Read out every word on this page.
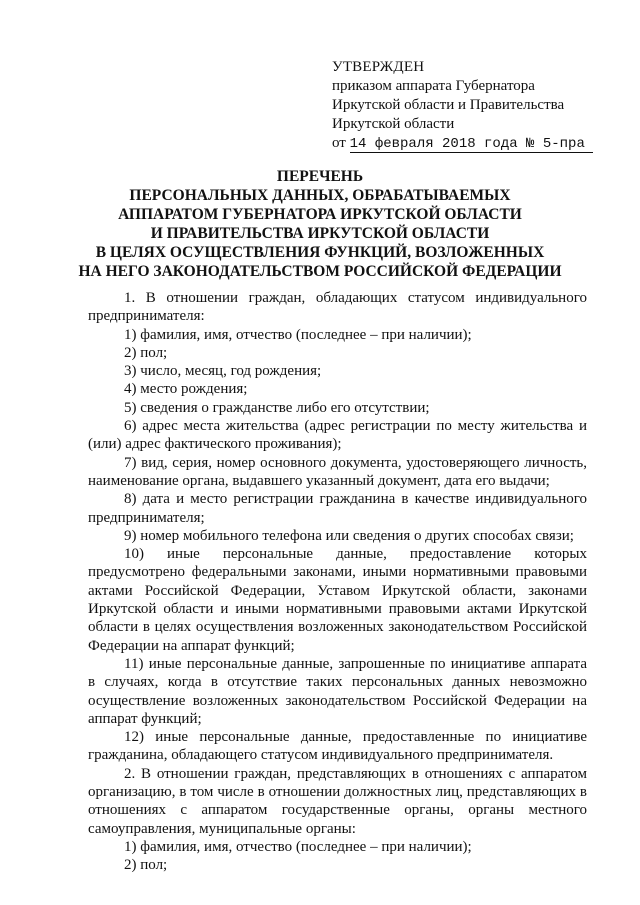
УТВЕРЖДЕН
приказом аппарата Губернатора
Иркутской области и Правительства
Иркутской области
от 14 февраля 2018 года № 5-пра
ПЕРЕЧЕНЬ
ПЕРСОНАЛЬНЫХ ДАННЫХ, ОБРАБАТЫВАЕМЫХ
АППАРАТОМ ГУБЕРНАТОРА ИРКУТСКОЙ ОБЛАСТИ
И ПРАВИТЕЛЬСТВА ИРКУТСКОЙ ОБЛАСТИ
В ЦЕЛЯХ ОСУЩЕСТВЛЕНИЯ ФУНКЦИЙ, ВОЗЛОЖЕННЫХ
НА НЕГО ЗАКОНОДАТЕЛЬСТВОМ РОССИЙСКОЙ ФЕДЕРАЦИИ

1. В отношении граждан, обладающих статусом индивидуального предпринимателя:

1) фамилия, имя, отчество (последнее – при наличии);

2) пол;

3) число, месяц, год рождения;

4) место рождения;

5) сведения о гражданстве либо его отсутствии;

6) адрес места жительства (адрес регистрации по месту жительства и (или) адрес фактического проживания);

7) вид, серия, номер основного документа, удостоверяющего личность, наименование органа, выдавшего указанный документ, дата его выдачи;

8) дата и место регистрации гражданина в качестве индивидуального предпринимателя;

9) номер мобильного телефона или сведения о других способах связи;

10) иные персональные данные, предоставление которых предусмотрено федеральными законами, иными нормативными правовыми актами Российской Федерации, Уставом Иркутской области, законами Иркутской области и иными нормативными правовыми актами Иркутской области в целях осуществления возложенных законодательством Российской Федерации на аппарат функций;

11) иные персональные данные, запрошенные по инициативе аппарата в случаях, когда в отсутствие таких персональных данных невозможно осуществление возложенных законодательством Российской Федерации на аппарат функций;

12) иные персональные данные, предоставленные по инициативе гражданина, обладающего статусом индивидуального предпринимателя.

2. В отношении граждан, представляющих в отношениях с аппаратом организацию, в том числе в отношении должностных лиц, представляющих в отношениях с аппаратом государственные органы, органы местного самоуправления, муниципальные органы:

1) фамилия, имя, отчество (последнее – при наличии);

2) пол;
